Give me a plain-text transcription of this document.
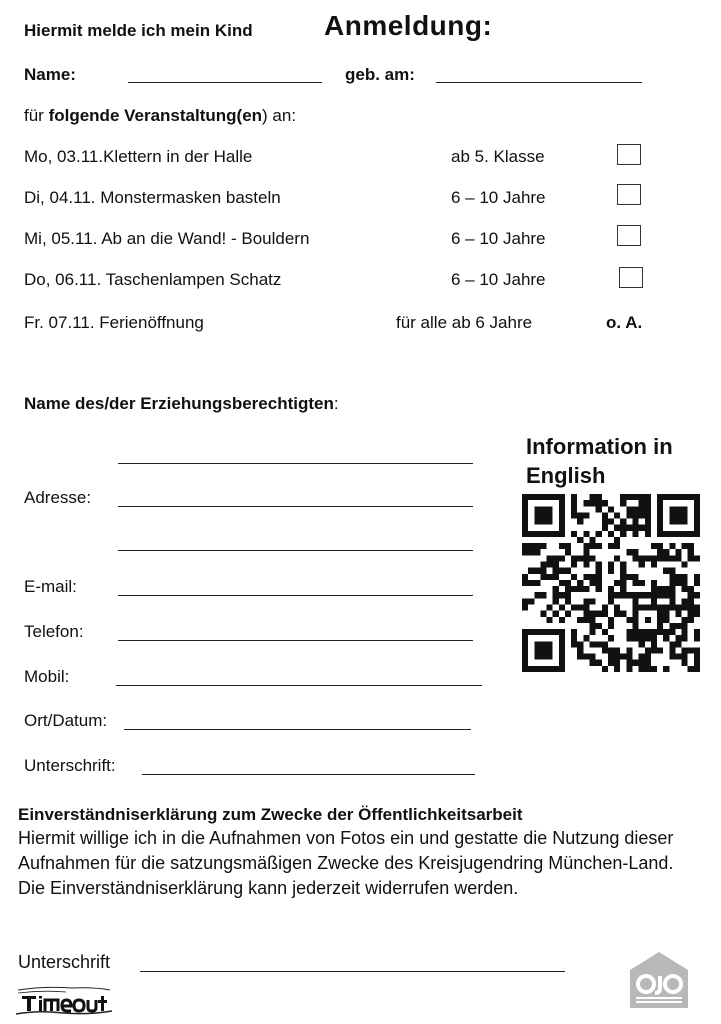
Hiermit melde ich mein Kind	Anmeldung:
Name:	geb. am:
für folgende Veranstaltung(en) an:
Mo, 03.11.Klettern in der Halle	ab 5. Klasse
Di, 04.11. Monstermasken basteln	6 – 10 Jahre
Mi, 05.11. Ab an die Wand! - Bouldern	6 – 10 Jahre
Do, 06.11. Taschenlampen Schatz	6 – 10 Jahre
Fr. 07.11. Ferienöffnung	für alle ab 6 Jahre	o. A.
Name des/der Erziehungsberechtigten:
Adresse:
E-mail:
Telefon:
Mobil:
Ort/Datum:
Unterschrift:
Information in English
Einverständniserklärung zum Zwecke der Öffentlichkeitsarbeit
Hiermit willige ich in die Aufnahmen von Fotos ein und gestatte die Nutzung dieser Aufnahmen für die satzungsmäßigen Zwecke des Kreisjugendring München-Land. Die Einverständniserklärung kann jederzeit widerrufen werden.
Unterschrift
